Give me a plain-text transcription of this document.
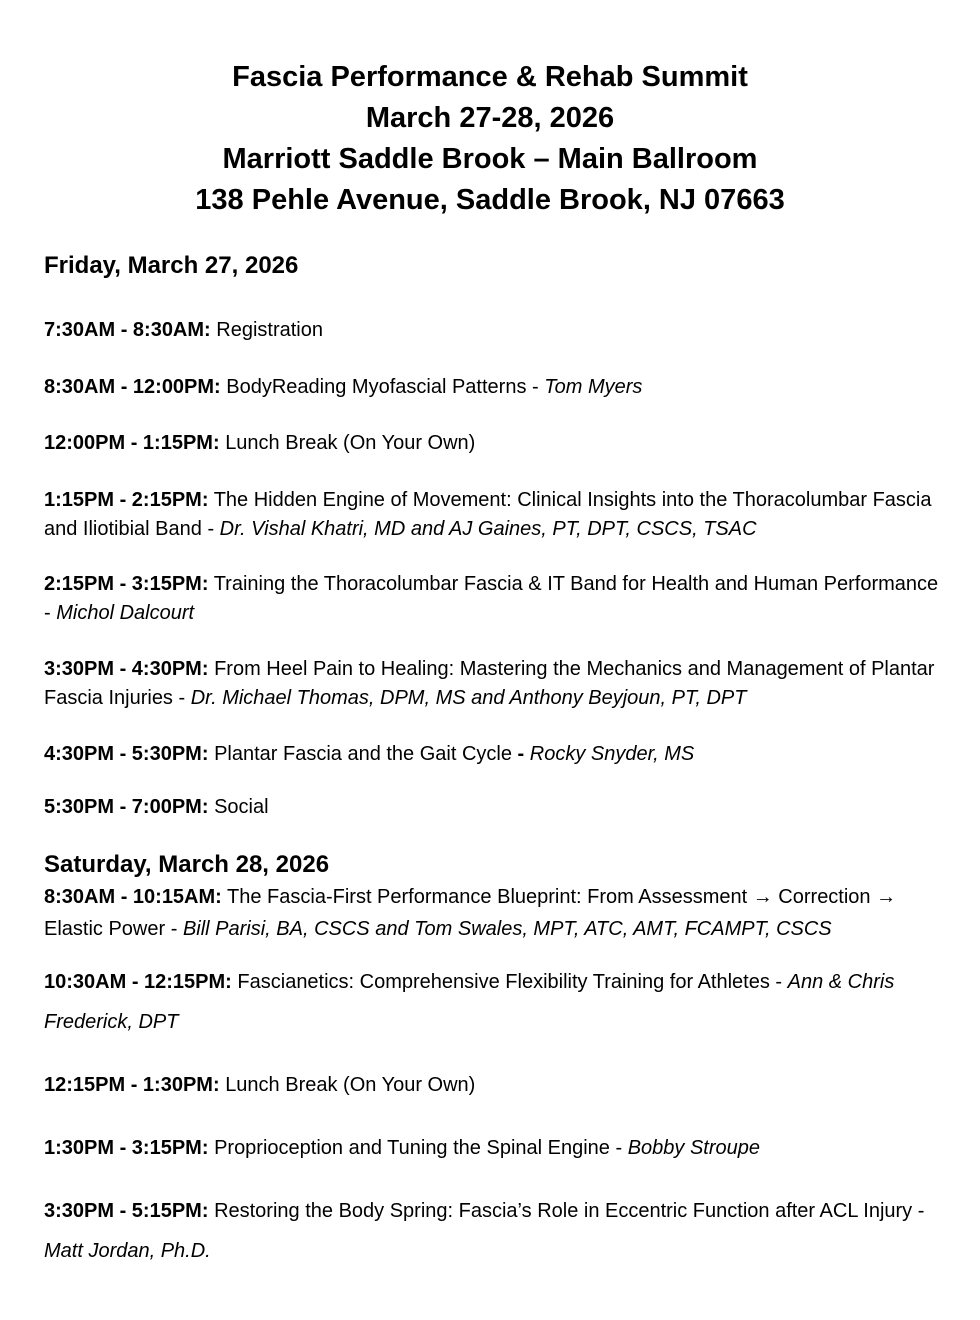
Fascia Performance & Rehab Summit
March 27-28, 2026
Marriott Saddle Brook – Main Ballroom
138 Pehle Avenue, Saddle Brook, NJ 07663
Friday, March 27, 2026
7:30AM - 8:30AM: Registration
8:30AM - 12:00PM: BodyReading Myofascial Patterns - Tom Myers
12:00PM - 1:15PM: Lunch Break (On Your Own)
1:15PM - 2:15PM: The Hidden Engine of Movement: Clinical Insights into the Thoracolumbar Fascia and Iliotibial Band - Dr. Vishal Khatri, MD and AJ Gaines, PT, DPT, CSCS, TSAC
2:15PM - 3:15PM: Training the Thoracolumbar Fascia & IT Band for Health and Human Performance - Michol Dalcourt
3:30PM - 4:30PM: From Heel Pain to Healing: Mastering the Mechanics and Management of Plantar Fascia Injuries - Dr. Michael Thomas, DPM, MS and Anthony Beyjoun, PT, DPT
4:30PM - 5:30PM: Plantar Fascia and the Gait Cycle - Rocky Snyder, MS
5:30PM - 7:00PM: Social
Saturday, March 28, 2026
8:30AM - 10:15AM: The Fascia-First Performance Blueprint: From Assessment → Correction → Elastic Power - Bill Parisi, BA, CSCS and Tom Swales, MPT, ATC, AMT, FCAMPT, CSCS
10:30AM - 12:15PM: Fascianetics: Comprehensive Flexibility Training for Athletes - Ann & Chris Frederick, DPT
12:15PM - 1:30PM: Lunch Break (On Your Own)
1:30PM - 3:15PM: Proprioception and Tuning the Spinal Engine - Bobby Stroupe
3:30PM - 5:15PM: Restoring the Body Spring: Fascia’s Role in Eccentric Function after ACL Injury - Matt Jordan, Ph.D.
